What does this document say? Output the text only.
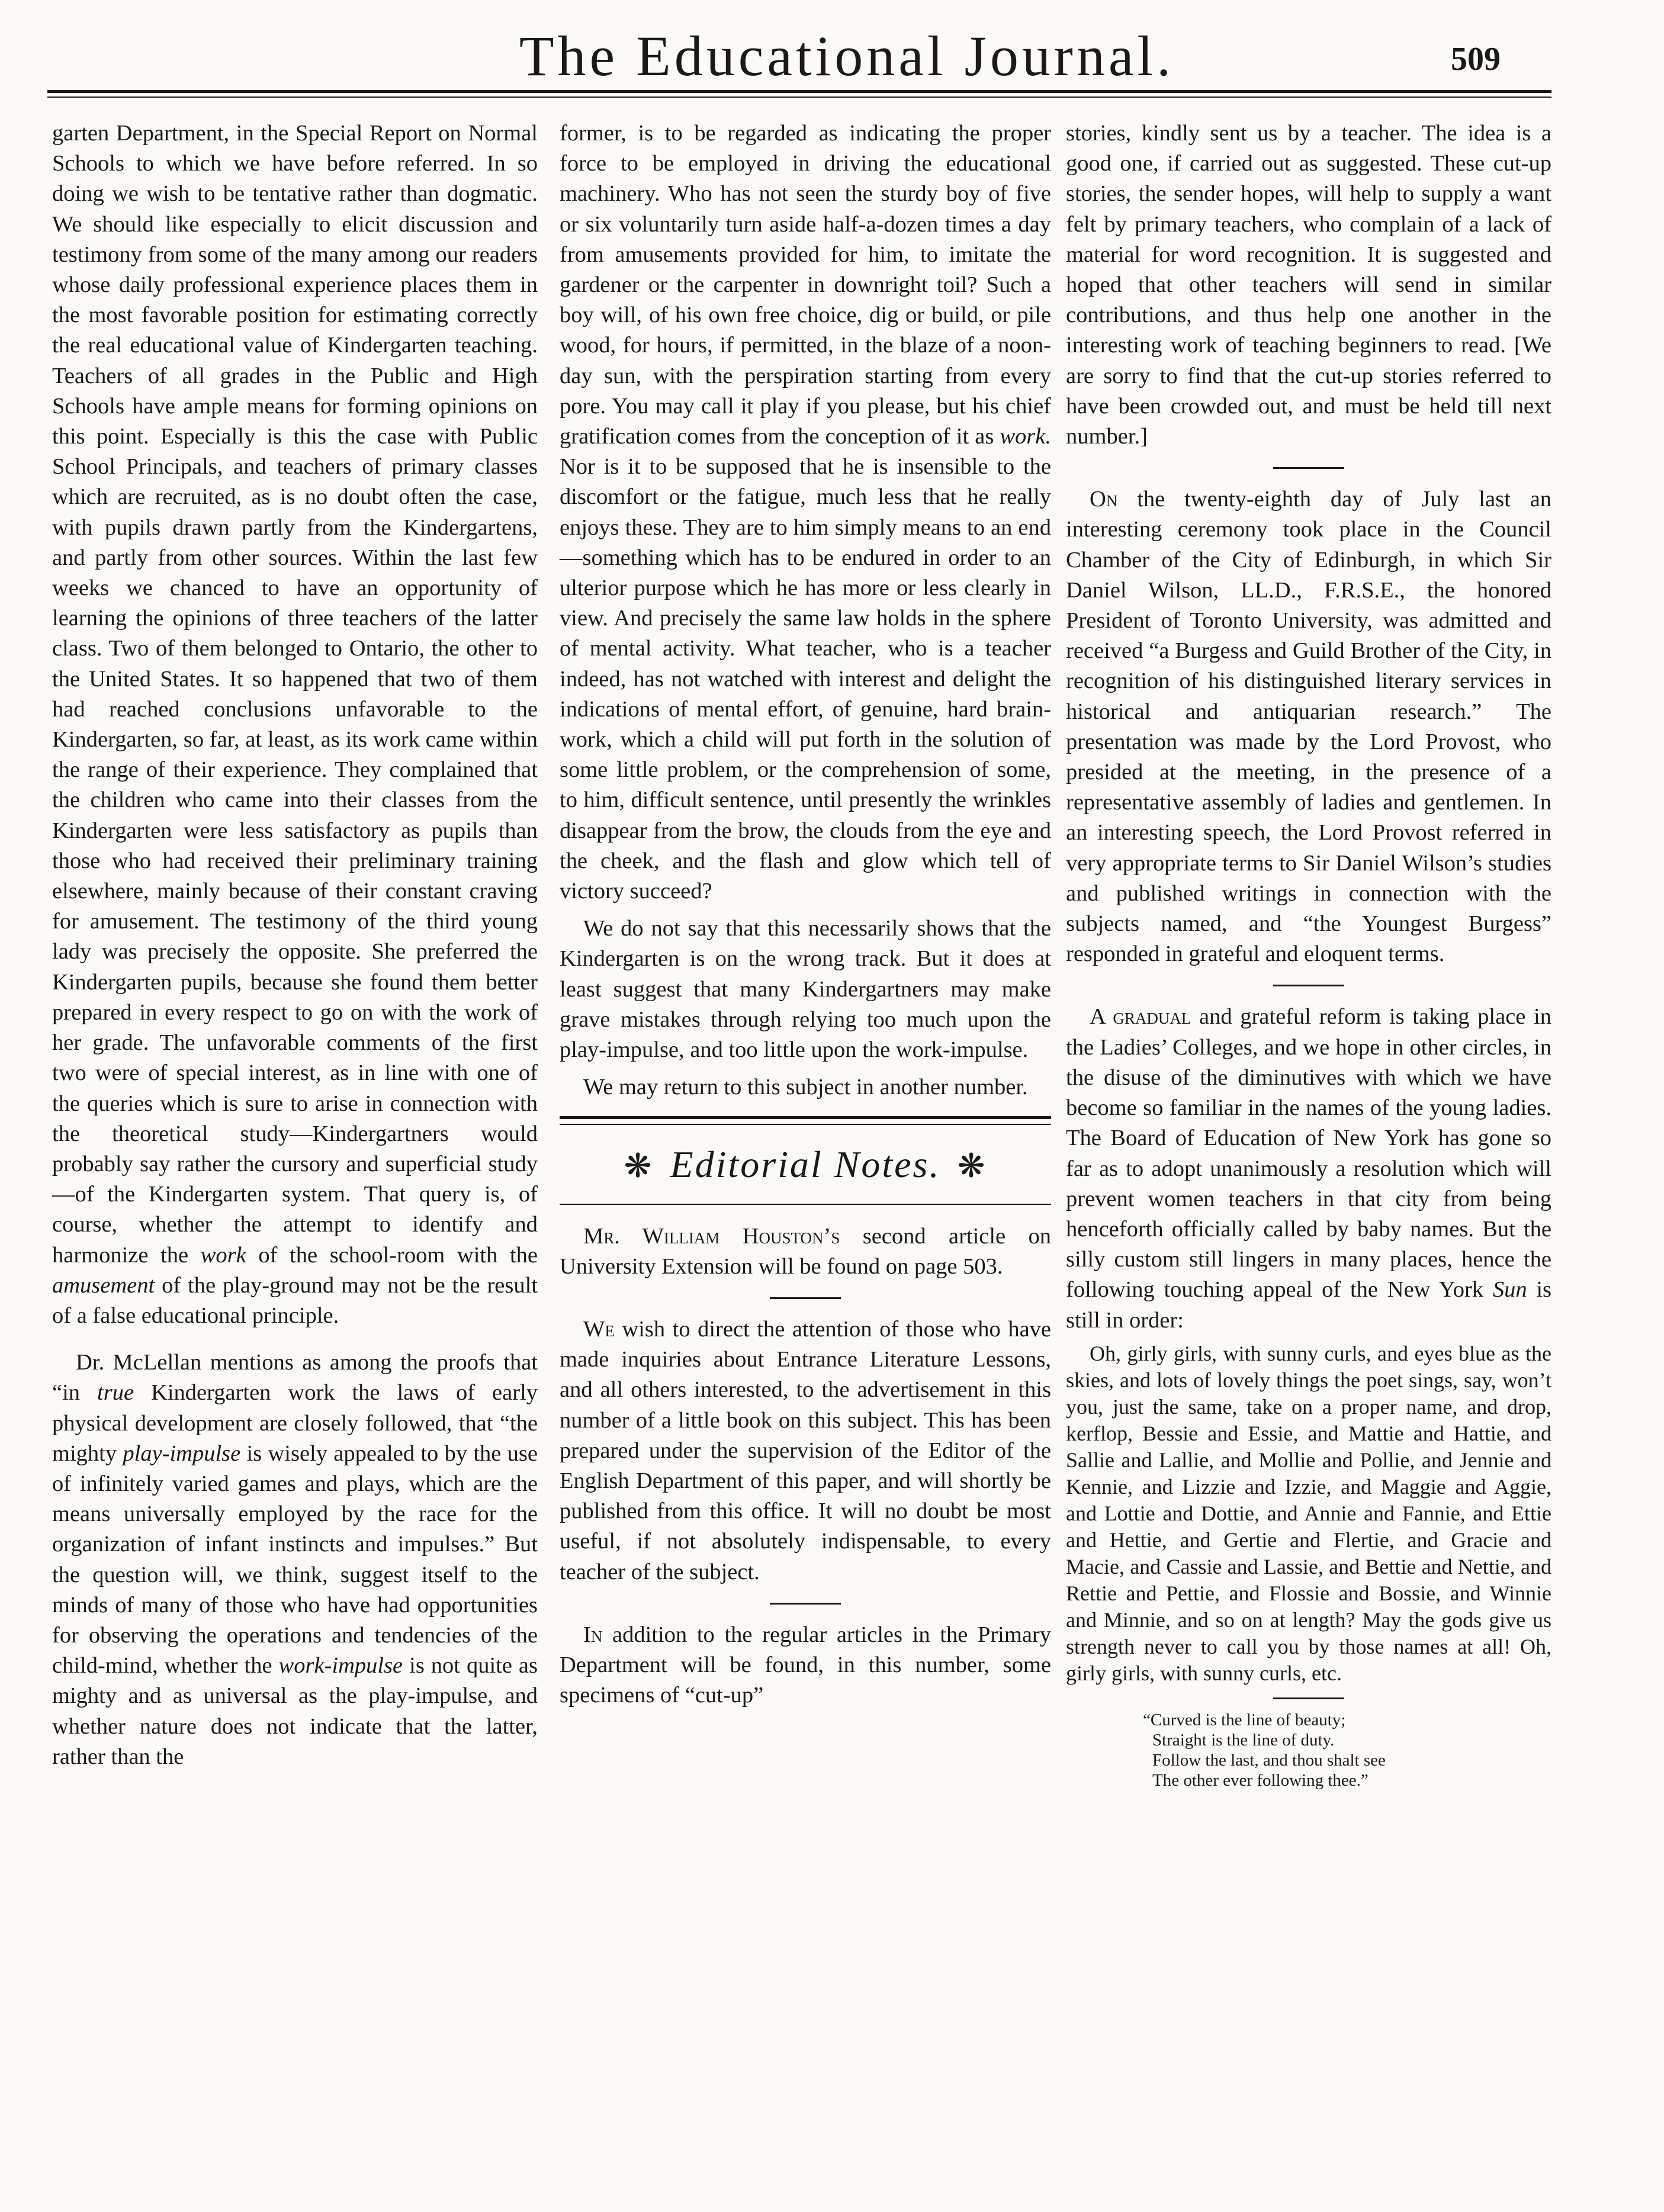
The Educational Journal.	509

garten Department, in the Special Report on Normal Schools to which we have before referred. In so doing we wish to be tentative rather than dogmatic. We should like especially to elicit discussion and testimony from some of the many among our readers whose daily professional experience places them in the most favorable position for estimating correctly the real educational value of Kindergarten teaching. Teachers of all grades in the Public and High Schools have ample means for forming opinions on this point. Especially is this the case with Public School Principals, and teachers of primary classes which are recruited, as is no doubt often the case, with pupils drawn partly from the Kindergartens, and partly from other sources. Within the last few weeks we chanced to have an opportunity of learning the opinions of three teachers of the latter class. Two of them belonged to Ontario, the other to the United States. It so happened that two of them had reached conclusions unfavorable to the Kindergarten, so far, at least, as its work came within the range of their experience. They complained that the children who came into their classes from the Kindergarten were less satisfactory as pupils than those who had received their preliminary training elsewhere, mainly because of their constant craving for amusement. The testimony of the third young lady was precisely the opposite. She preferred the Kindergarten pupils, because she found them better prepared in every respect to go on with the work of her grade. The unfavorable comments of the first two were of special interest, as in line with one of the queries which is sure to arise in connection with the theoretical study—Kindergartners would probably say rather the cursory and superficial study—of the Kindergarten system. That query is, of course, whether the attempt to identify and harmonize the work of the school-room with the amusement of the play-ground may not be the result of a false educational principle.

Dr. McLellan mentions as among the proofs that “in true Kindergarten work the laws of early physical development are closely followed, that “the mighty play-impulse is wisely appealed to by the use of infinitely varied games and plays, which are the means universally employed by the race for the organization of infant instincts and impulses.” But the question will, we think, suggest itself to the minds of many of those who have had opportunities for observing the operations and tendencies of the child-mind, whether the work-impulse is not quite as mighty and as universal as the play-impulse, and whether nature does not indicate that the latter, rather than the

former, is to be regarded as indicating the proper force to be employed in driving the educational machinery. Who has not seen the sturdy boy of five or six voluntarily turn aside half-a-dozen times a day from amusements provided for him, to imitate the gardener or the carpenter in downright toil? Such a boy will, of his own free choice, dig or build, or pile wood, for hours, if permitted, in the blaze of a noon-day sun, with the perspiration starting from every pore. You may call it play if you please, but his chief gratification comes from the conception of it as work. Nor is it to be supposed that he is insensible to the discomfort or the fatigue, much less that he really enjoys these. They are to him simply means to an end—something which has to be endured in order to an ulterior purpose which he has more or less clearly in view. And precisely the same law holds in the sphere of mental activity. What teacher, who is a teacher indeed, has not watched with interest and delight the indications of mental effort, of genuine, hard brain-work, which a child will put forth in the solution of some little problem, or the comprehension of some, to him, difficult sentence, until presently the wrinkles disappear from the brow, the clouds from the eye and the cheek, and the flash and glow which tell of victory succeed?

We do not say that this necessarily shows that the Kindergarten is on the wrong track. But it does at least suggest that many Kindergartners may make grave mistakes through relying too much upon the play-impulse, and too little upon the work-impulse.

We may return to this subject in another number.

❋ Editorial Notes. ❋

Mr. William Houston’s second article on University Extension will be found on page 503.

We wish to direct the attention of those who have made inquiries about Entrance Literature Lessons, and all others interested, to the advertisement in this number of a little book on this subject. This has been prepared under the supervision of the Editor of the English Department of this paper, and will shortly be published from this office. It will no doubt be most useful, if not absolutely indispensable, to every teacher of the subject.

In addition to the regular articles in the Primary Department will be found, in this number, some specimens of “cut-up”

stories, kindly sent us by a teacher. The idea is a good one, if carried out as suggested. These cut-up stories, the sender hopes, will help to supply a want felt by primary teachers, who complain of a lack of material for word recognition. It is suggested and hoped that other teachers will send in similar contributions, and thus help one another in the interesting work of teaching beginners to read. [We are sorry to find that the cut-up stories referred to have been crowded out, and must be held till next number.]

On the twenty-eighth day of July last an interesting ceremony took place in the Council Chamber of the City of Edinburgh, in which Sir Daniel Wilson, LL.D., F.R.S.E., the honored President of Toronto University, was admitted and received “a Burgess and Guild Brother of the City, in recognition of his distinguished literary services in historical and antiquarian research.” The presentation was made by the Lord Provost, who presided at the meeting, in the presence of a representative assembly of ladies and gentlemen. In an interesting speech, the Lord Provost referred in very appropriate terms to Sir Daniel Wilson’s studies and published writings in connection with the subjects named, and “the Youngest Burgess” responded in grateful and eloquent terms.

A gradual and grateful reform is taking place in the Ladies’ Colleges, and we hope in other circles, in the disuse of the diminutives with which we have become so familiar in the names of the young ladies. The Board of Education of New York has gone so far as to adopt unanimously a resolution which will prevent women teachers in that city from being henceforth officially called by baby names. But the silly custom still lingers in many places, hence the following touching appeal of the New York Sun is still in order:

Oh, girly girls, with sunny curls, and eyes blue as the skies, and lots of lovely things the poet sings, say, won’t you, just the same, take on a proper name, and drop, kerflop, Bessie and Essie, and Mattie and Hattie, and Sallie and Lallie, and Mollie and Pollie, and Jennie and Kennie, and Lizzie and Izzie, and Maggie and Aggie, and Lottie and Dottie, and Annie and Fannie, and Ettie and Hettie, and Gertie and Flertie, and Gracie and Macie, and Cassie and Lassie, and Bettie and Nettie, and Rettie and Pettie, and Flossie and Bossie, and Winnie and Minnie, and so on at length? May the gods give us strength never to call you by those names at all! Oh, girly girls, with sunny curls, etc.

“Curved is the line of beauty;
Straight is the line of duty.
Follow the last, and thou shalt see
The other ever following thee.”
